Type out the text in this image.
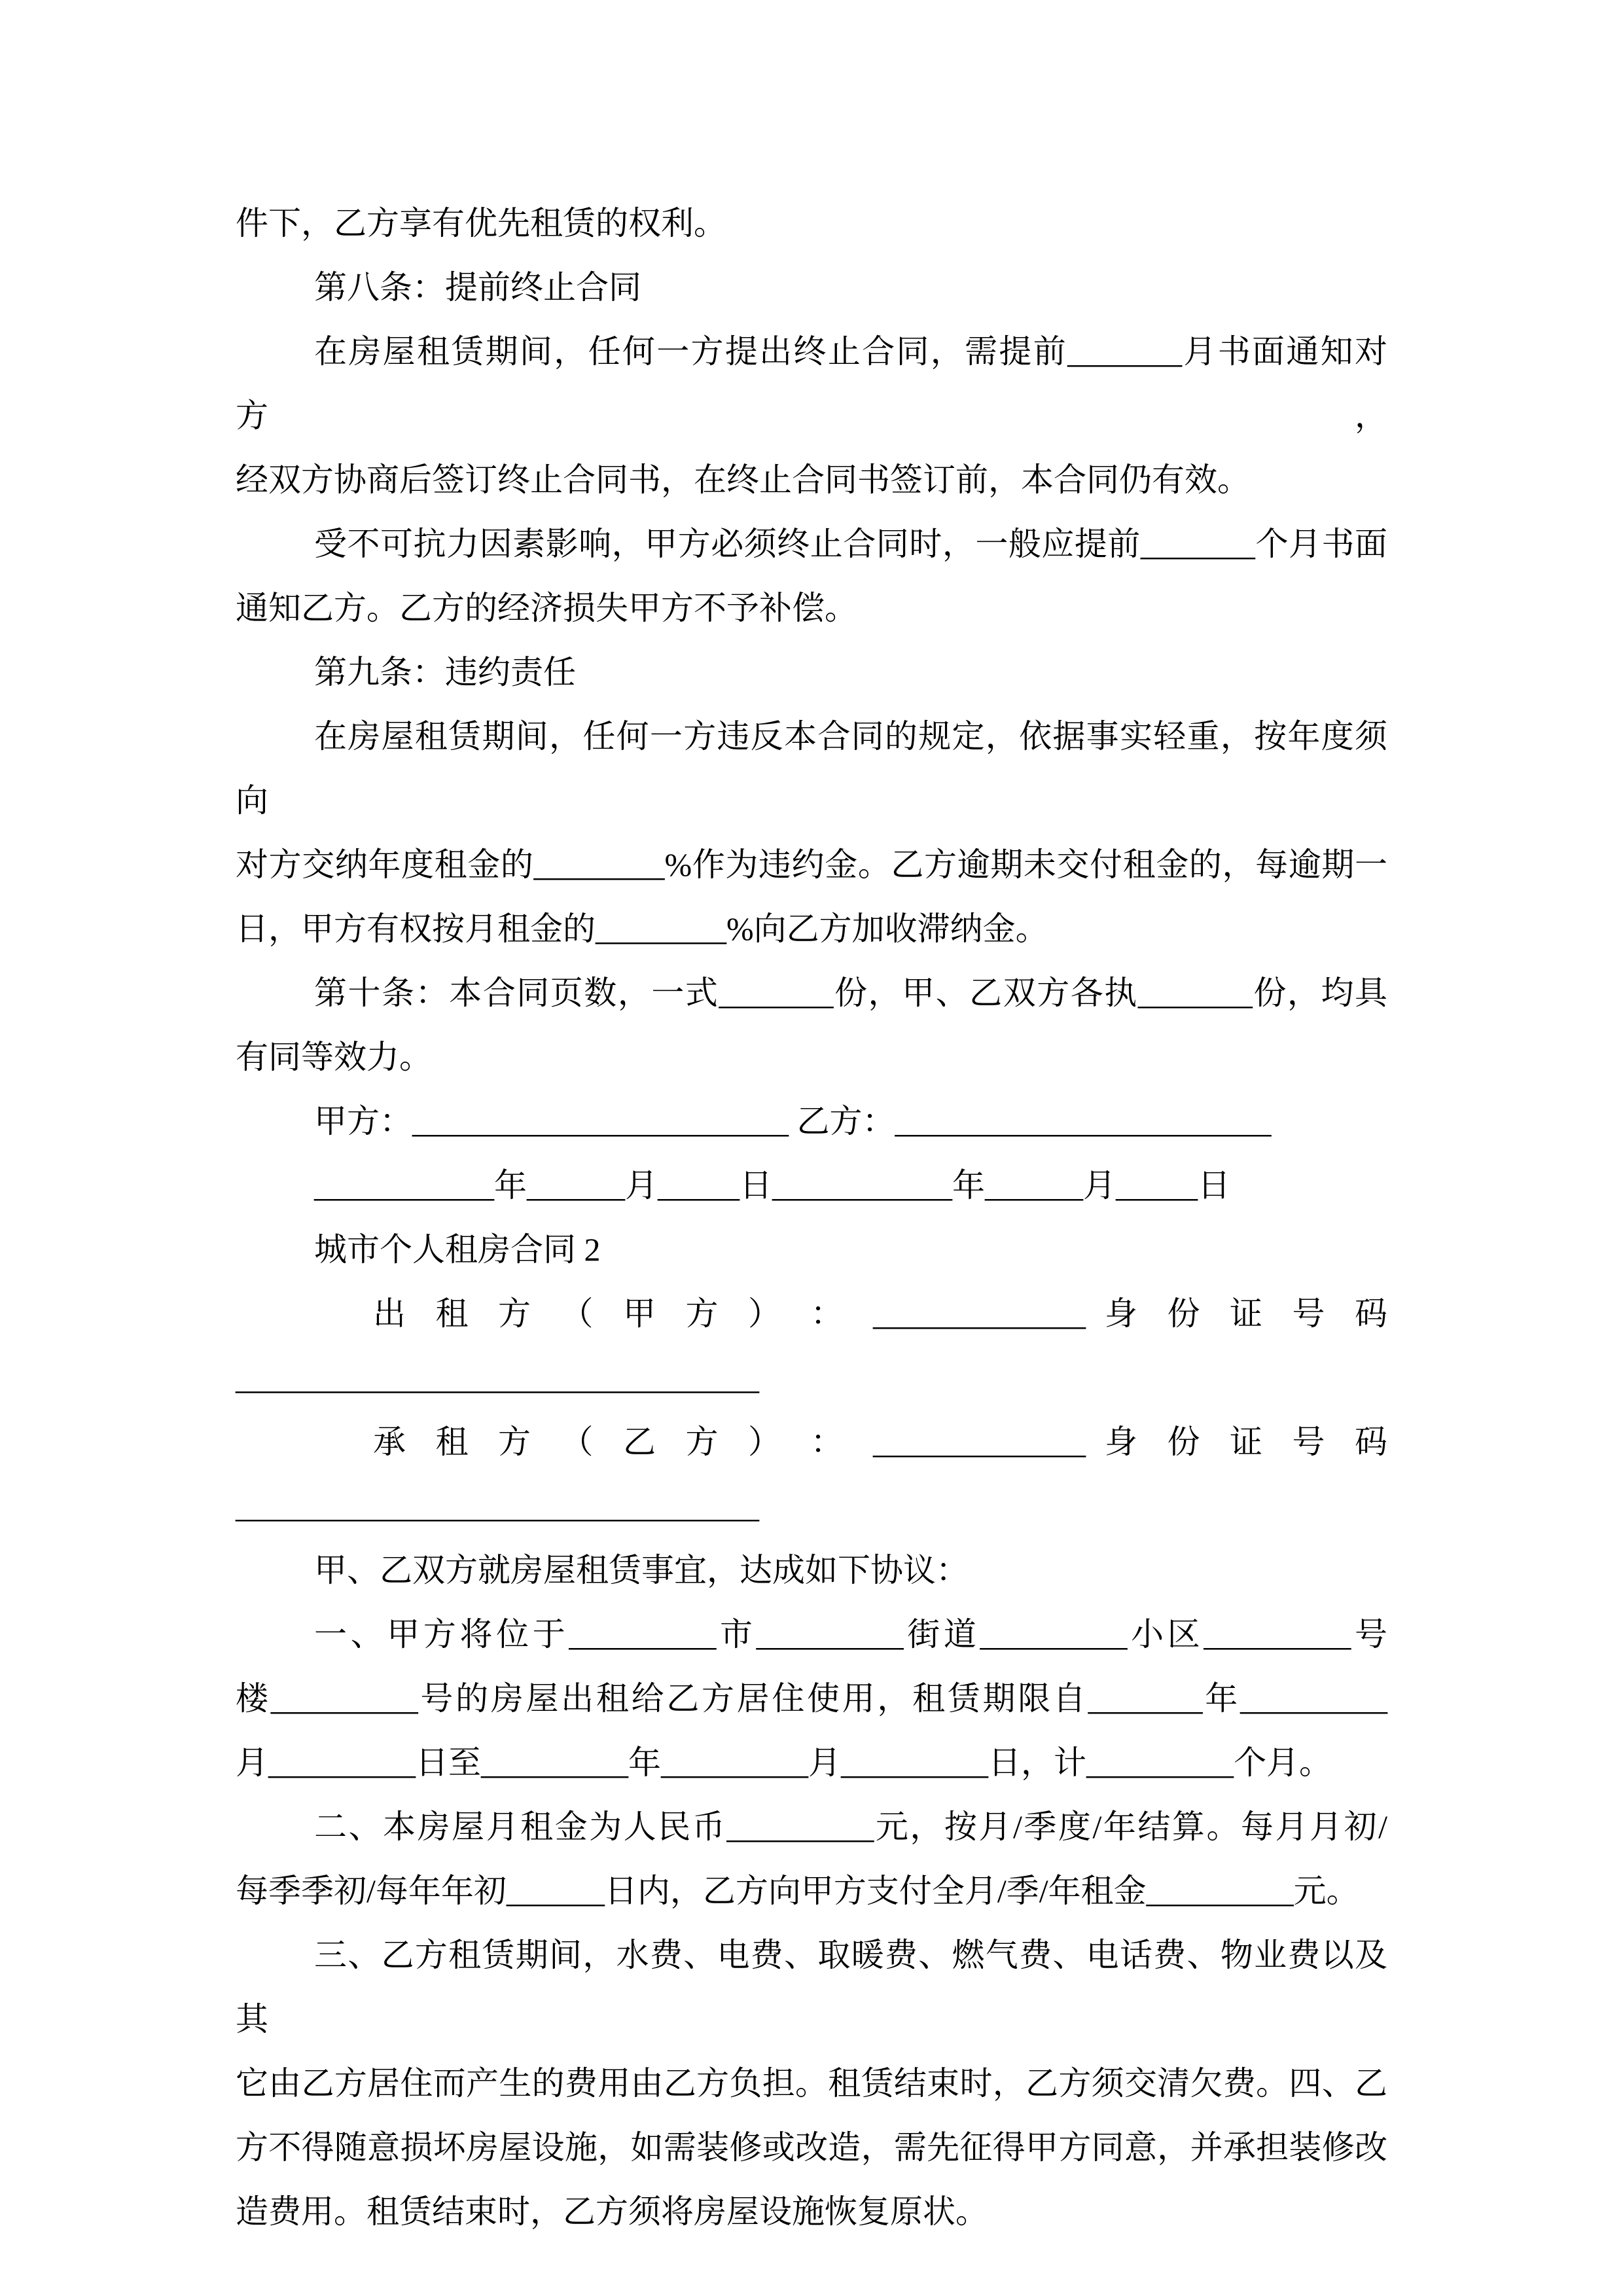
件下，乙方享有优先租赁的权利。
第八条：提前终止合同
在房屋租赁期间，任何一方提出终止合同，需提前_______月书面通知对方，
经双方协商后签订终止合同书，在终止合同书签订前，本合同仍有效。
受不可抗力因素影响，甲方必须终止合同时，一般应提前_______个月书面
通知乙方。乙方的经济损失甲方不予补偿。
第九条：违约责任
在房屋租赁期间，任何一方违反本合同的规定，依据事实轻重，按年度须向
对方交纳年度租金的________%作为违约金。乙方逾期未交付租金的，每逾期一
日，甲方有权按月租金的________%向乙方加收滞纳金。
第十条：本合同页数，一式_______份，甲、乙双方各执_______份，均具
有同等效力。
甲方：_______________________ 乙方：_______________________
___________年______月_____日___________年______月_____日
城市个人租房合同 2
出 租 方 （ 甲 方 ） ： _____________ 身 份 证 号 码
________________________________
承 租 方 （ 乙 方 ） ： _____________ 身 份 证 号 码
________________________________
甲、乙双方就房屋租赁事宜，达成如下协议：
一、甲方将位于_________市_________街道_________小区_________号
楼_________号的房屋出租给乙方居住使用，租赁期限自_______年_________
月_________日至_________年_________月_________日，计_________个月。
二、本房屋月租金为人民币_________元，按月/季度/年结算。每月月初/
每季季初/每年年初______日内，乙方向甲方支付全月/季/年租金_________元。
三、乙方租赁期间，水费、电费、取暖费、燃气费、电话费、物业费以及其
它由乙方居住而产生的费用由乙方负担。租赁结束时，乙方须交清欠费。四、乙
方不得随意损坏房屋设施，如需装修或改造，需先征得甲方同意，并承担装修改
造费用。租赁结束时，乙方须将房屋设施恢复原状。
